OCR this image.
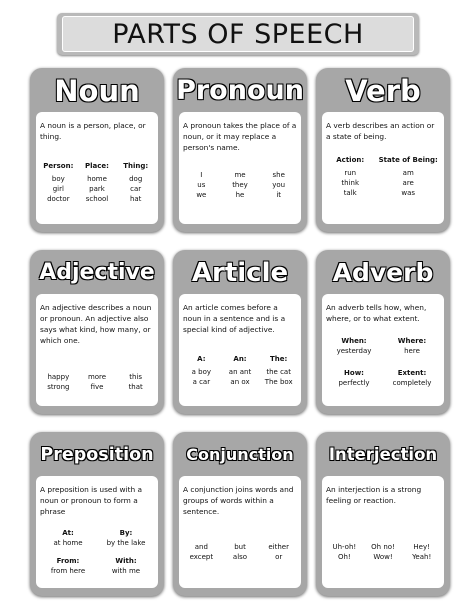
PARTS OF SPEECH
Noun
A noun is a person, place, or thing.
Person:
boy
girl
doctor
Place:
home
park
school
Thing:
dog
car
hat
Pronoun
A pronoun takes the place of a noun, or it may replace a person's name.
I
us
we
me
they
he
she
you
it
Verb
A verb describes an action or a state of being.
Action:
run
think
talk
State of Being:
am
are
was
Adjective
An adjective describes a noun or pronoun. An adjective also says what kind, how many, or which one.
happy
strong
more
five
this
that
Article
An article comes before a noun in a sentence and is a special kind of adjective.
A:
a boy
a car
An:
an ant
an ox
The:
the cat
The box
Adverb
An adverb tells how, when, where, or to what extent.
When:
yesterday
Where:
here
How:
perfectly
Extent:
completely
Preposition
A preposition is used with a noun or pronoun to form a phrase
At:
at home
By:
by the lake
From:
from here
With:
with me
Conjunction
A conjunction joins words and groups of words within a sentence.
and
except
but
also
either
or
Interjection
An interjection is a strong feeling or reaction.
Uh-oh!
Oh!
Oh no!
Wow!
Hey!
Yeah!
